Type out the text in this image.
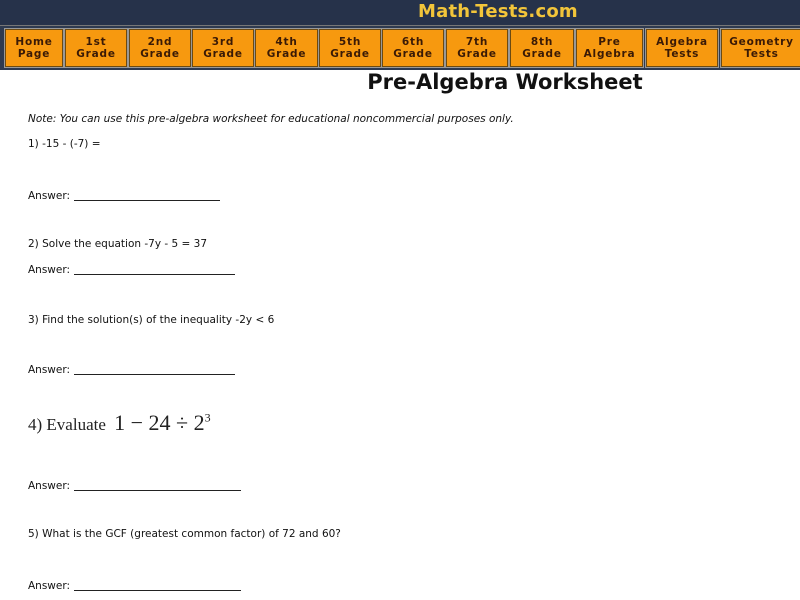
Math-Tests.com
Home
Page
1st
Grade
2nd
Grade
3rd
Grade
4th
Grade
5th
Grade
6th
Grade
7th
Grade
8th
Grade
Pre
Algebra
Algebra
Tests
Geometry
Tests
Pre-Algebra Worksheet
Note: You can use this pre-algebra worksheet for educational noncommercial purposes only.
1) -15 - (-7) =
Answer:
2) Solve the equation -7y - 5 = 37
Answer:
3) Find the solution(s) of the inequality -2y < 6
Answer:
4) Evaluate $1 - 24 \div 2^3$
Answer:
5) What is the GCF (greatest common factor) of 72 and 60?
Answer:
